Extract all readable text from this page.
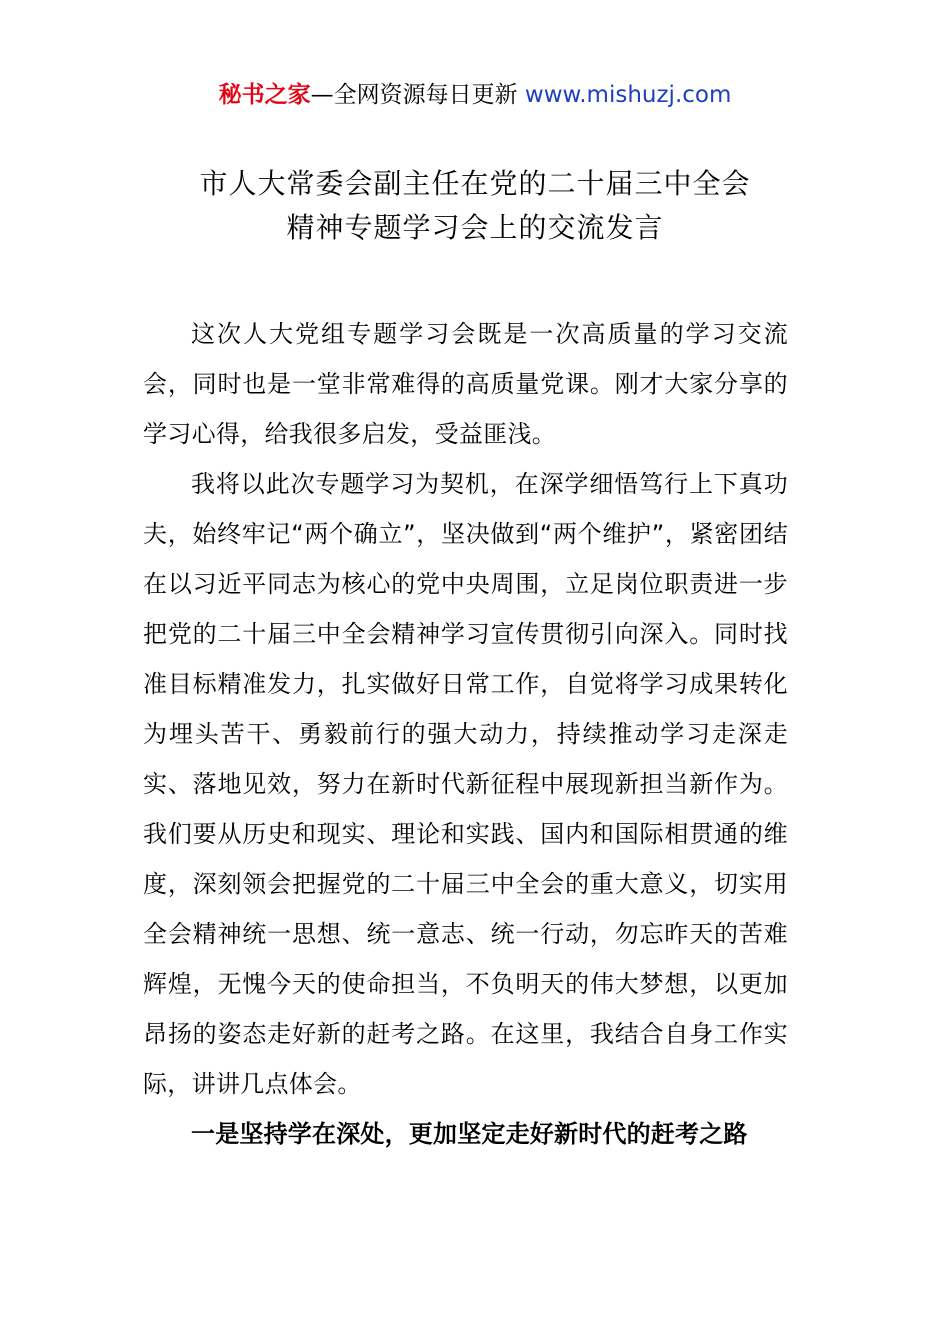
秘书之家—全网资源每日更新 www.mishuzj.com
市人大常委会副主任在党的二十届三中全会
精神专题学习会上的交流发言

这次人大党组专题学习会既是一次高质量的学习交流会，同时也是一堂非常难得的高质量党课。刚才大家分享的学习心得，给我很多启发，受益匪浅。

我将以此次专题学习为契机，在深学细悟笃行上下真功夫，始终牢记“两个确立”，坚决做到“两个维护”，紧密团结在以习近平同志为核心的党中央周围，立足岗位职责进一步把党的二十届三中全会精神学习宣传贯彻引向深入。同时找准目标精准发力，扎实做好日常工作，自觉将学习成果转化为埋头苦干、勇毅前行的强大动力，持续推动学习走深走实、落地见效，努力在新时代新征程中展现新担当新作为。我们要从历史和现实、理论和实践、国内和国际相贯通的维度，深刻领会把握党的二十届三中全会的重大意义，切实用全会精神统一思想、统一意志、统一行动，勿忘昨天的苦难辉煌，无愧今天的使命担当，不负明天的伟大梦想，以更加昂扬的姿态走好新的赶考之路。在这里，我结合自身工作实际，讲讲几点体会。

一是坚持学在深处，更加坚定走好新时代的赶考之路
